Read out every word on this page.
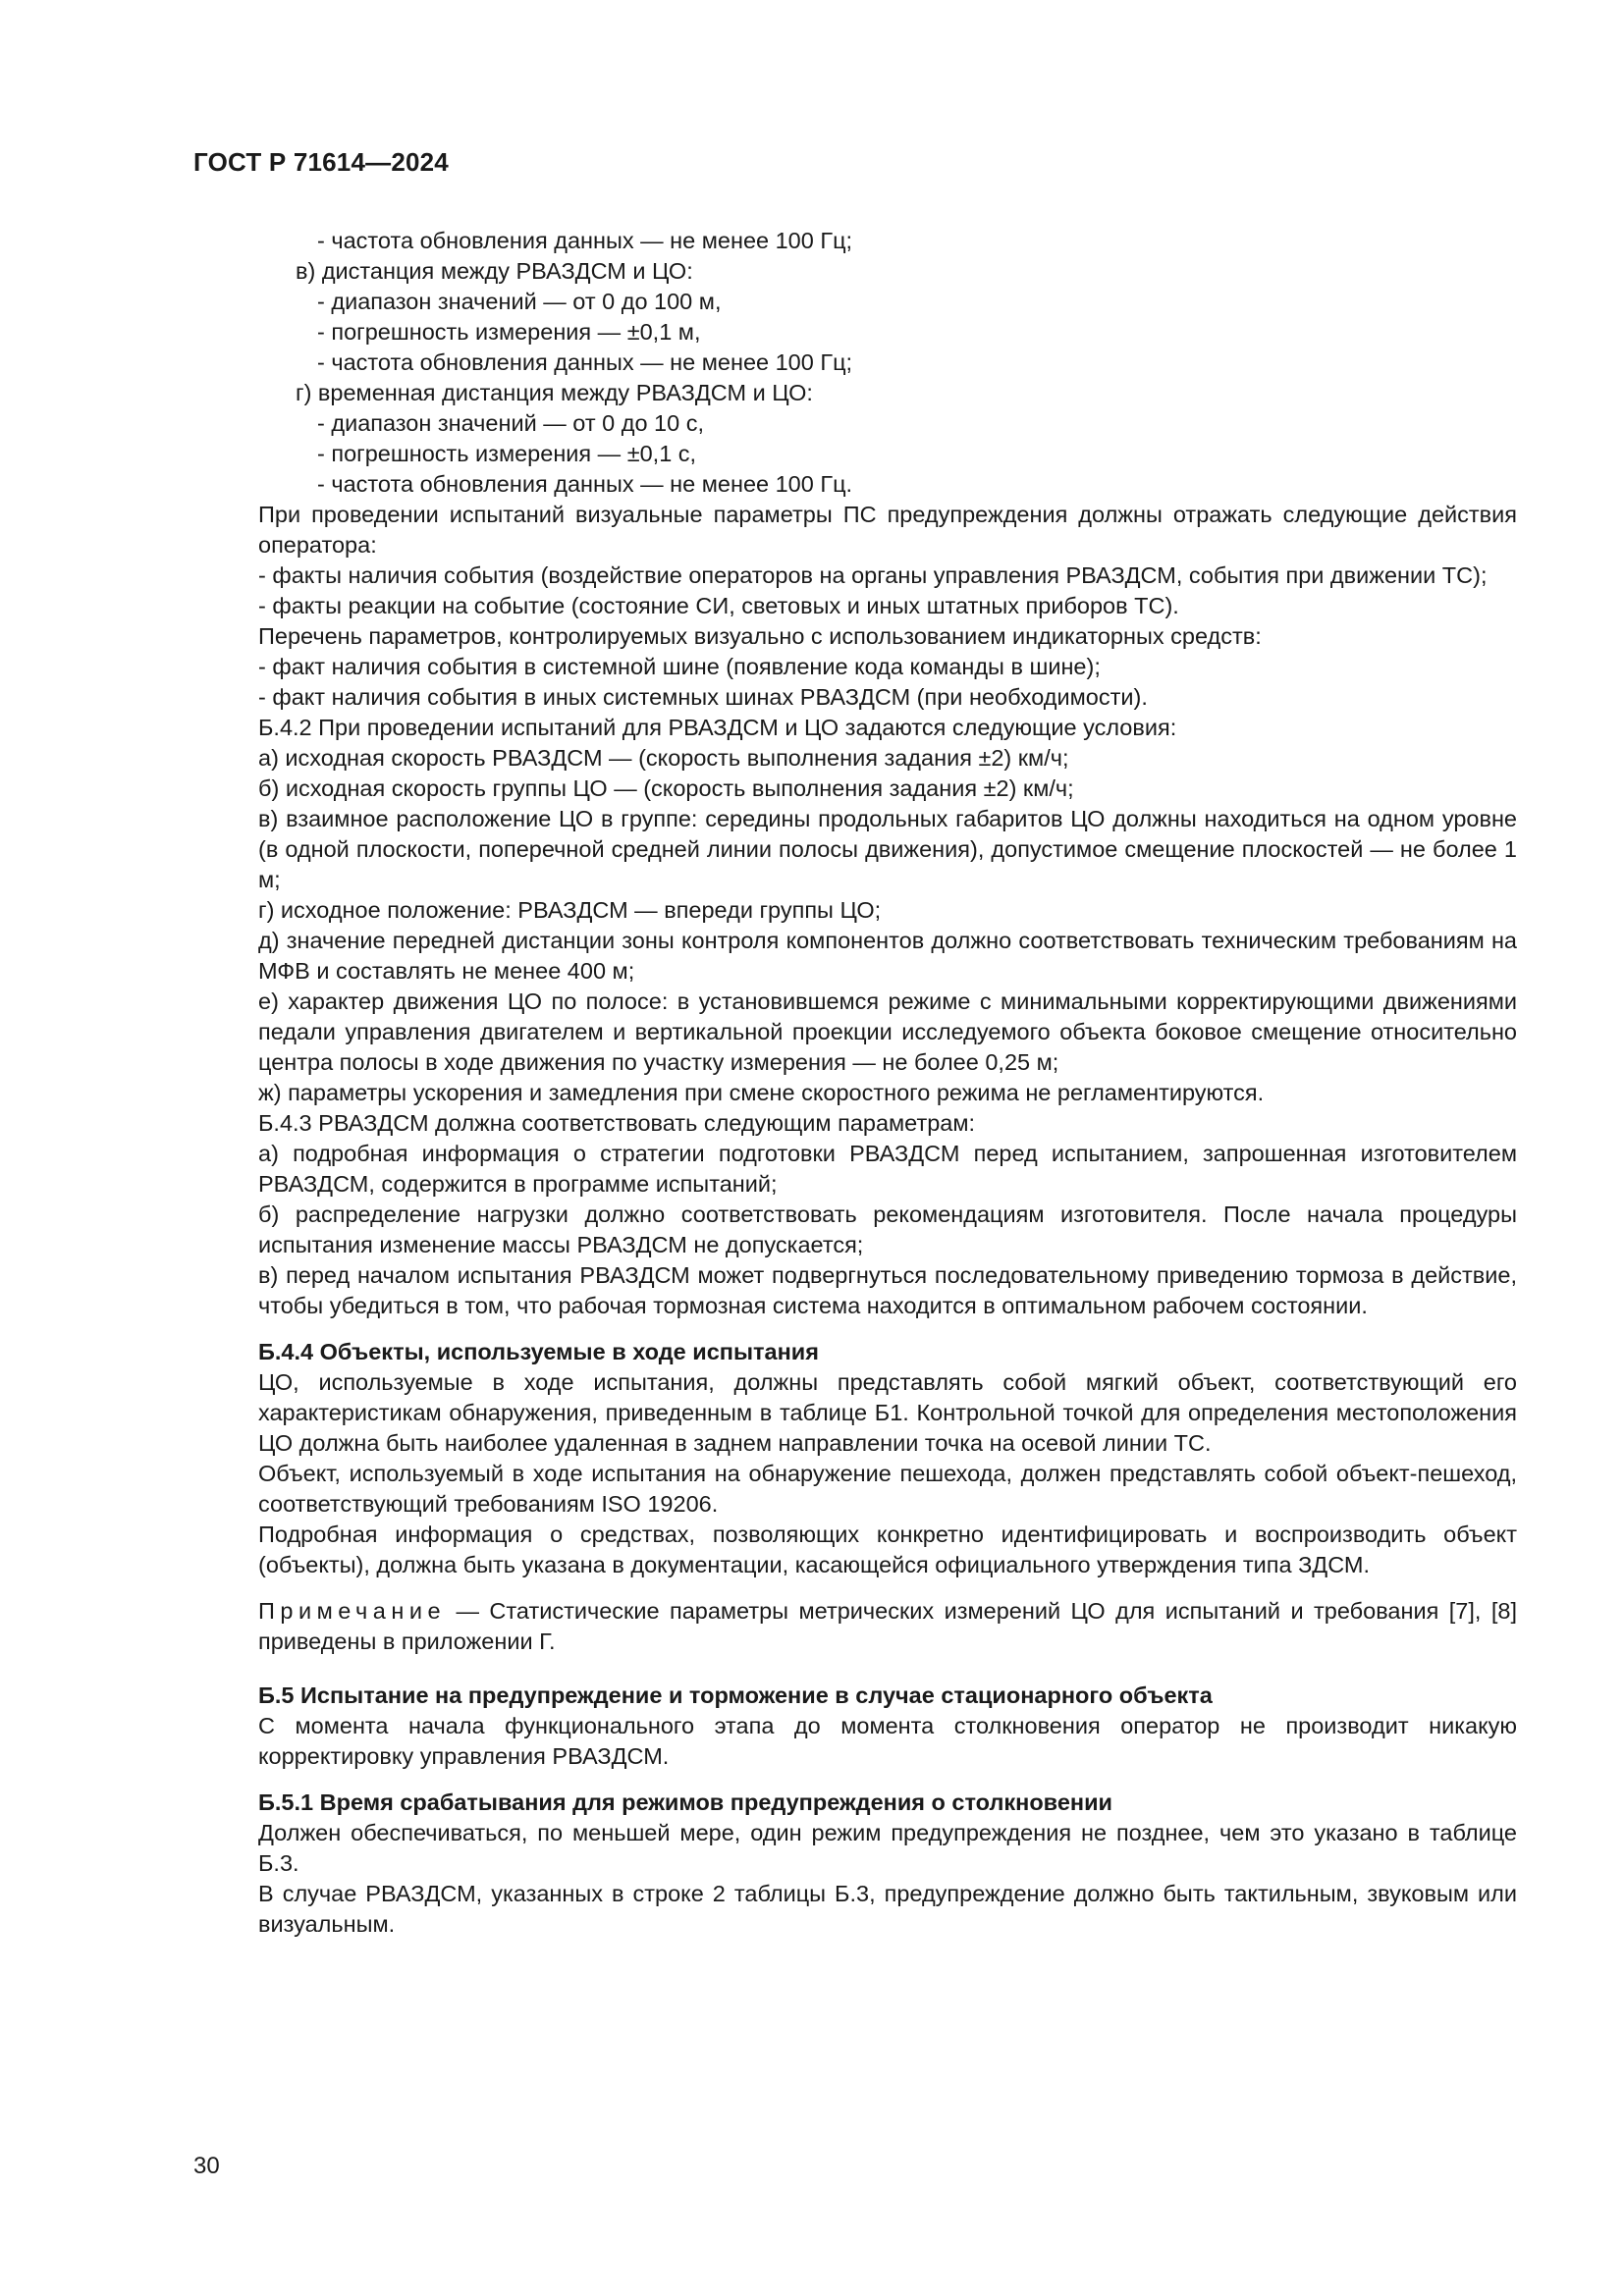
ГОСТ Р 71614—2024

- частота обновления данных — не менее 100 Гц;

в) дистанция между РВАЗДСМ и ЦО:

- диапазон значений — от 0 до 100 м,

- погрешность измерения — ±0,1 м,

- частота обновления данных — не менее 100 Гц;

г) временная дистанция между РВАЗДСМ и ЦО:

- диапазон значений — от 0 до 10 с,

- погрешность измерения — ±0,1 с,

- частота обновления данных — не менее 100 Гц.

При проведении испытаний визуальные параметры ПС предупреждения должны отражать следующие действия оператора:

- факты наличия события (воздействие операторов на органы управления РВАЗДСМ, события при движении ТС);

- факты реакции на событие (состояние СИ, световых и иных штатных приборов ТС).

Перечень параметров, контролируемых визуально с использованием индикаторных средств:

- факт наличия события в системной шине (появление кода команды в шине);

- факт наличия события в иных системных шинах РВАЗДСМ (при необходимости).

Б.4.2 При проведении испытаний для РВАЗДСМ и ЦО задаются следующие условия:

а) исходная скорость РВАЗДСМ — (скорость выполнения задания ±2) км/ч;

б) исходная скорость группы ЦО — (скорость выполнения задания ±2) км/ч;

в) взаимное расположение ЦО в группе: середины продольных габаритов ЦО должны находиться на одном уровне (в одной плоскости, поперечной средней линии полосы движения), допустимое смещение плоскостей — не более 1 м;

г) исходное положение: РВАЗДСМ — впереди группы ЦО;

д) значение передней дистанции зоны контроля компонентов должно соответствовать техническим требованиям на МФВ и составлять не менее 400 м;

е) характер движения ЦО по полосе: в установившемся режиме с минимальными корректирующими движениями педали управления двигателем и вертикальной проекции исследуемого объекта боковое смещение относительно центра полосы в ходе движения по участку измерения — не более 0,25 м;

ж) параметры ускорения и замедления при смене скоростного режима не регламентируются.

Б.4.3 РВАЗДСМ должна соответствовать следующим параметрам:

а) подробная информация о стратегии подготовки РВАЗДСМ перед испытанием, запрошенная изготовителем РВАЗДСМ, содержится в программе испытаний;

б) распределение нагрузки должно соответствовать рекомендациям изготовителя. После начала процедуры испытания изменение массы РВАЗДСМ не допускается;

в) перед началом испытания РВАЗДСМ может подвергнуться последовательному приведению тормоза в действие, чтобы убедиться в том, что рабочая тормозная система находится в оптимальном рабочем состоянии.

Б.4.4 Объекты, используемые в ходе испытания

ЦО, используемые в ходе испытания, должны представлять собой мягкий объект, соответствующий его характеристикам обнаружения, приведенным в таблице Б1. Контрольной точкой для определения местоположения ЦО должна быть наиболее удаленная в заднем направлении точка на осевой линии ТС.

Объект, используемый в ходе испытания на обнаружение пешехода, должен представлять собой объект-пешеход, соответствующий требованиям ISO 19206.

Подробная информация о средствах, позволяющих конкретно идентифицировать и воспроизводить объект (объекты), должна быть указана в документации, касающейся официального утверждения типа ЗДСМ.

Примечание — Статистические параметры метрических измерений ЦО для испытаний и требования [7], [8] приведены в приложении Г.

Б.5 Испытание на предупреждение и торможение в случае стационарного объекта

С момента начала функционального этапа до момента столкновения оператор не производит никакую корректировку управления РВАЗДСМ.

Б.5.1 Время срабатывания для режимов предупреждения о столкновении

Должен обеспечиваться, по меньшей мере, один режим предупреждения не позднее, чем это указано в таблице Б.3.

В случае РВАЗДСМ, указанных в строке 2 таблицы Б.3, предупреждение должно быть тактильным, звуковым или визуальным.

30
